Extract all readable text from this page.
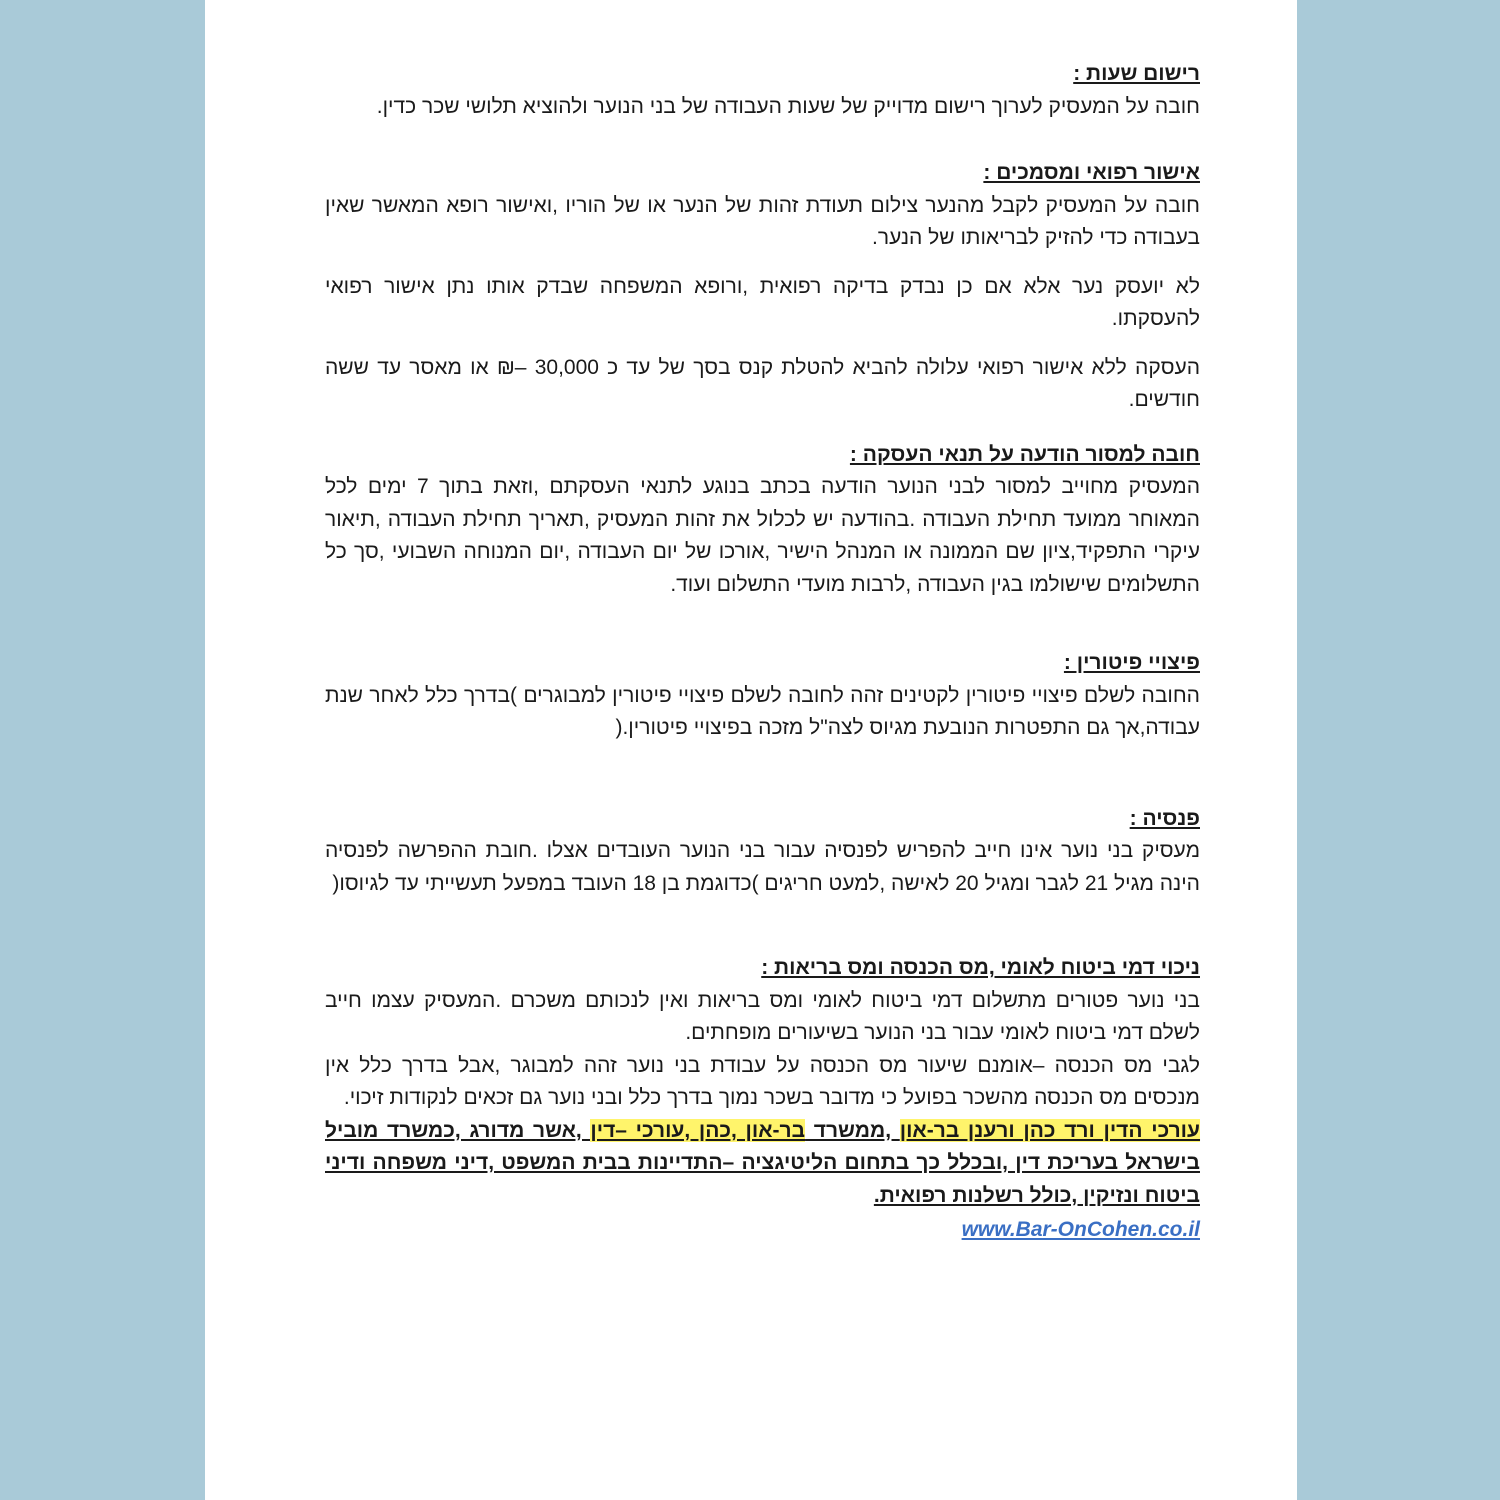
רישום שעות :

חובה על המעסיק לערוך רישום מדוייק של שעות העבודה של בני הנוער ולהוציא תלושי שכר כדין.

אישור רפואי ומסמכים :

חובה על המעסיק לקבל מהנער צילום תעודת זהות של הנער או של הוריו ,ואישור רופא המאשר שאין בעבודה כדי להזיק לבריאותו של הנער.

לא יועסק נער אלא אם כן נבדק בדיקה רפואית ,ורופא המשפחה שבדק אותו נתן אישור רפואי להעסקתו.

העסקה ללא אישור רפואי עלולה להביא להטלת קנס בסך של עד כ 30,000 –₪ או מאסר עד ששה חודשים.

חובה למסור הודעה על תנאי העסקה :

המעסיק מחוייב למסור לבני הנוער הודעה בכתב בנוגע לתנאי העסקתם ,וזאת בתוך 7 ימים לכל המאוחר ממועד תחילת העבודה .בהודעה יש לכלול את זהות המעסיק ,תאריך תחילת העבודה ,תיאור עיקרי התפקיד,ציון שם הממונה או המנהל הישיר ,אורכו של יום העבודה ,יום המנוחה השבועי ,סך כל התשלומים שישולמו בגין העבודה ,לרבות מועדי התשלום ועוד.

פיצויי פיטורין :

החובה לשלם פיצויי פיטורין לקטינים זהה לחובה לשלם פיצויי פיטורין למבוגרים )בדרך כלל לאחר שנת עבודה,אך גם התפטרות הנובעת מגיוס לצה"ל מזכה בפיצויי פיטורין.(

פנסיה :

מעסיק בני נוער אינו חייב להפריש לפנסיה עבור בני הנוער העובדים אצלו .חובת ההפרשה לפנסיה הינה מגיל 21 לגבר ומגיל 20 לאישה ,למעט חריגים )כדוגמת בן 18 העובד במפעל תעשייתי עד לגיוסו(

ניכוי דמי ביטוח לאומי ,מס הכנסה ומס בריאות :

בני נוער פטורים מתשלום דמי ביטוח לאומי ומס בריאות ואין לנכותם משכרם .המעסיק עצמו חייב לשלם דמי ביטוח לאומי עבור בני הנוער בשיעורים מופחתים.

לגבי מס הכנסה –אומנם שיעור מס הכנסה על עבודת בני נוער זהה למבוגר ,אבל בדרך כלל אין מנכסים מס הכנסה מהשכר בפועל כי מדובר בשכר נמוך בדרך כלל ובני נוער גם זכאים לנקודות זיכוי.

עורכי הדין ורד כהן ורענן בר-און ,ממשרד בר-און ,כהן ,עורכי –דין ,אשר מדורג ,כמשרד מוביל בישראל בעריכת דין ,ובכלל כך בתחום הליטיגציה –התדיינות בבית המשפט ,דיני משפחה ודיני ביטוח ונזיקין ,כולל רשלנות רפואית.

www.Bar-OnCohen.co.il
